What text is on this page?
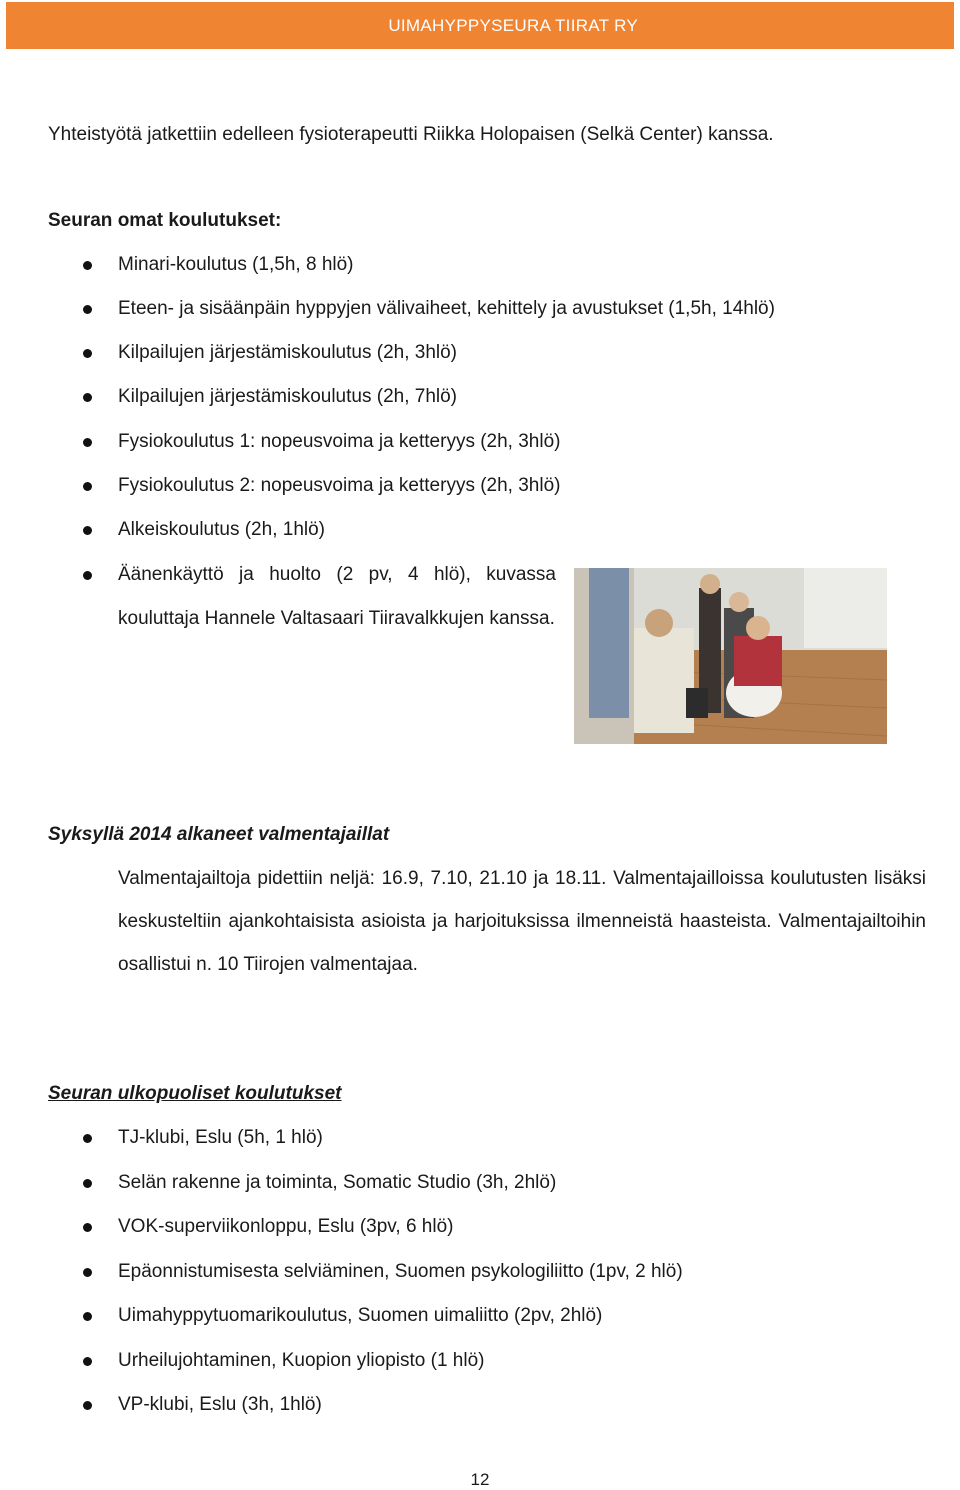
UIMAHYPPYSEURA TIIRAT RY
Yhteistyötä jatkettiin edelleen fysioterapeutti Riikka Holopaisen (Selkä Center) kanssa.
Seuran omat koulutukset:
Minari-koulutus (1,5h, 8 hlö)
Eteen- ja sisäänpäin hyppyjen välivaiheet, kehittely ja avustukset (1,5h, 14hlö)
Kilpailujen järjestämiskoulutus (2h, 3hlö)
Kilpailujen järjestämiskoulutus (2h, 7hlö)
Fysiokoulutus 1: nopeusvoima ja ketteryys (2h, 3hlö)
Fysiokoulutus 2: nopeusvoima ja ketteryys (2h, 3hlö)
Alkeiskoulutus (2h, 1hlö)
Äänenkäyttö ja huolto (2 pv, 4 hlö), kuvassa kouluttaja Hannele Valtasaari Tiiravalkkujen kanssa.
Syksyllä 2014 alkaneet valmentajaillat
Valmentajailtoja pidettiin neljä: 16.9, 7.10, 21.10 ja 18.11. Valmentajailloissa koulutusten lisäksi keskusteltiin ajankohtaisista asioista ja harjoituksissa ilmenneistä haasteista. Valmentajailtoihin osallistui n. 10 Tiirojen valmentajaa.
Seuran ulkopuoliset koulutukset
TJ-klubi, Eslu (5h, 1 hlö)
Selän rakenne ja toiminta, Somatic Studio (3h, 2hlö)
VOK-superviikonloppu, Eslu (3pv, 6 hlö)
Epäonnistumisesta selviäminen, Suomen psykologiliitto (1pv, 2 hlö)
Uimahyppytuomarikoulutus, Suomen uimaliitto (2pv, 2hlö)
Urheilujohtaminen, Kuopion yliopisto (1 hlö)
VP-klubi, Eslu (3h, 1hlö)
12
